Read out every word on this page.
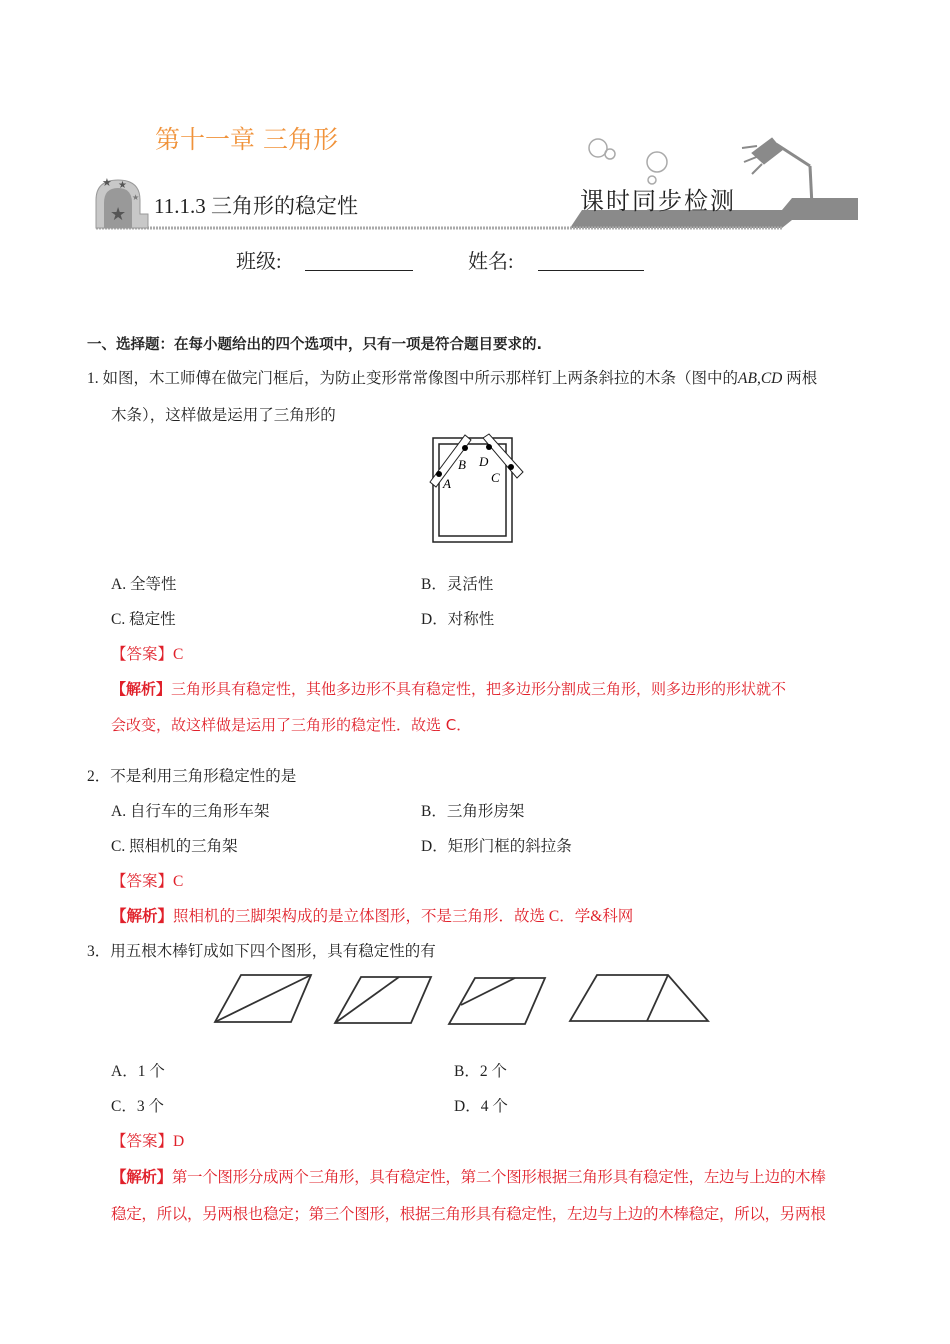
第十一章 三角形
★
★ ★
★ 11.1.3 三角形的稳定性	课时同步检测
班级:	姓名:
一、选择题：在每小题给出的四个选项中，只有一项是符合题目要求的.
1. 如图，木工师傅在做完门框后，为防止变形常常像图中所示那样钉上两条斜拉的木条（图中的AB,CD 两根
木条），这样做是运用了三角形的
A
B
C
D
A. 全等性	B．灵活性
C. 稳定性	D．对称性
【答案】C
【解析】三角形具有稳定性，其他多边形不具有稳定性，把多边形分割成三角形，则多边形的形状就不
会改变，故这样做是运用了三角形的稳定性．故选 C．
2．不是利用三角形稳定性的是
A. 自行车的三角形车架	B．三角形房架
C. 照相机的三角架	D．矩形门框的斜拉条
【答案】C
【解析】照相机的三脚架构成的是立体图形，不是三角形．故选 C．学&科网
3．用五根木棒钉成如下四个图形，具有稳定性的有
A．1 个	B．2 个
C．3 个	D．4 个
【答案】D
【解析】第一个图形分成两个三角形，具有稳定性，第二个图形根据三角形具有稳定性，左边与上边的木棒
稳定，所以，另两根也稳定；第三个图形，根据三角形具有稳定性，左边与上边的木棒稳定，所以，另两根
